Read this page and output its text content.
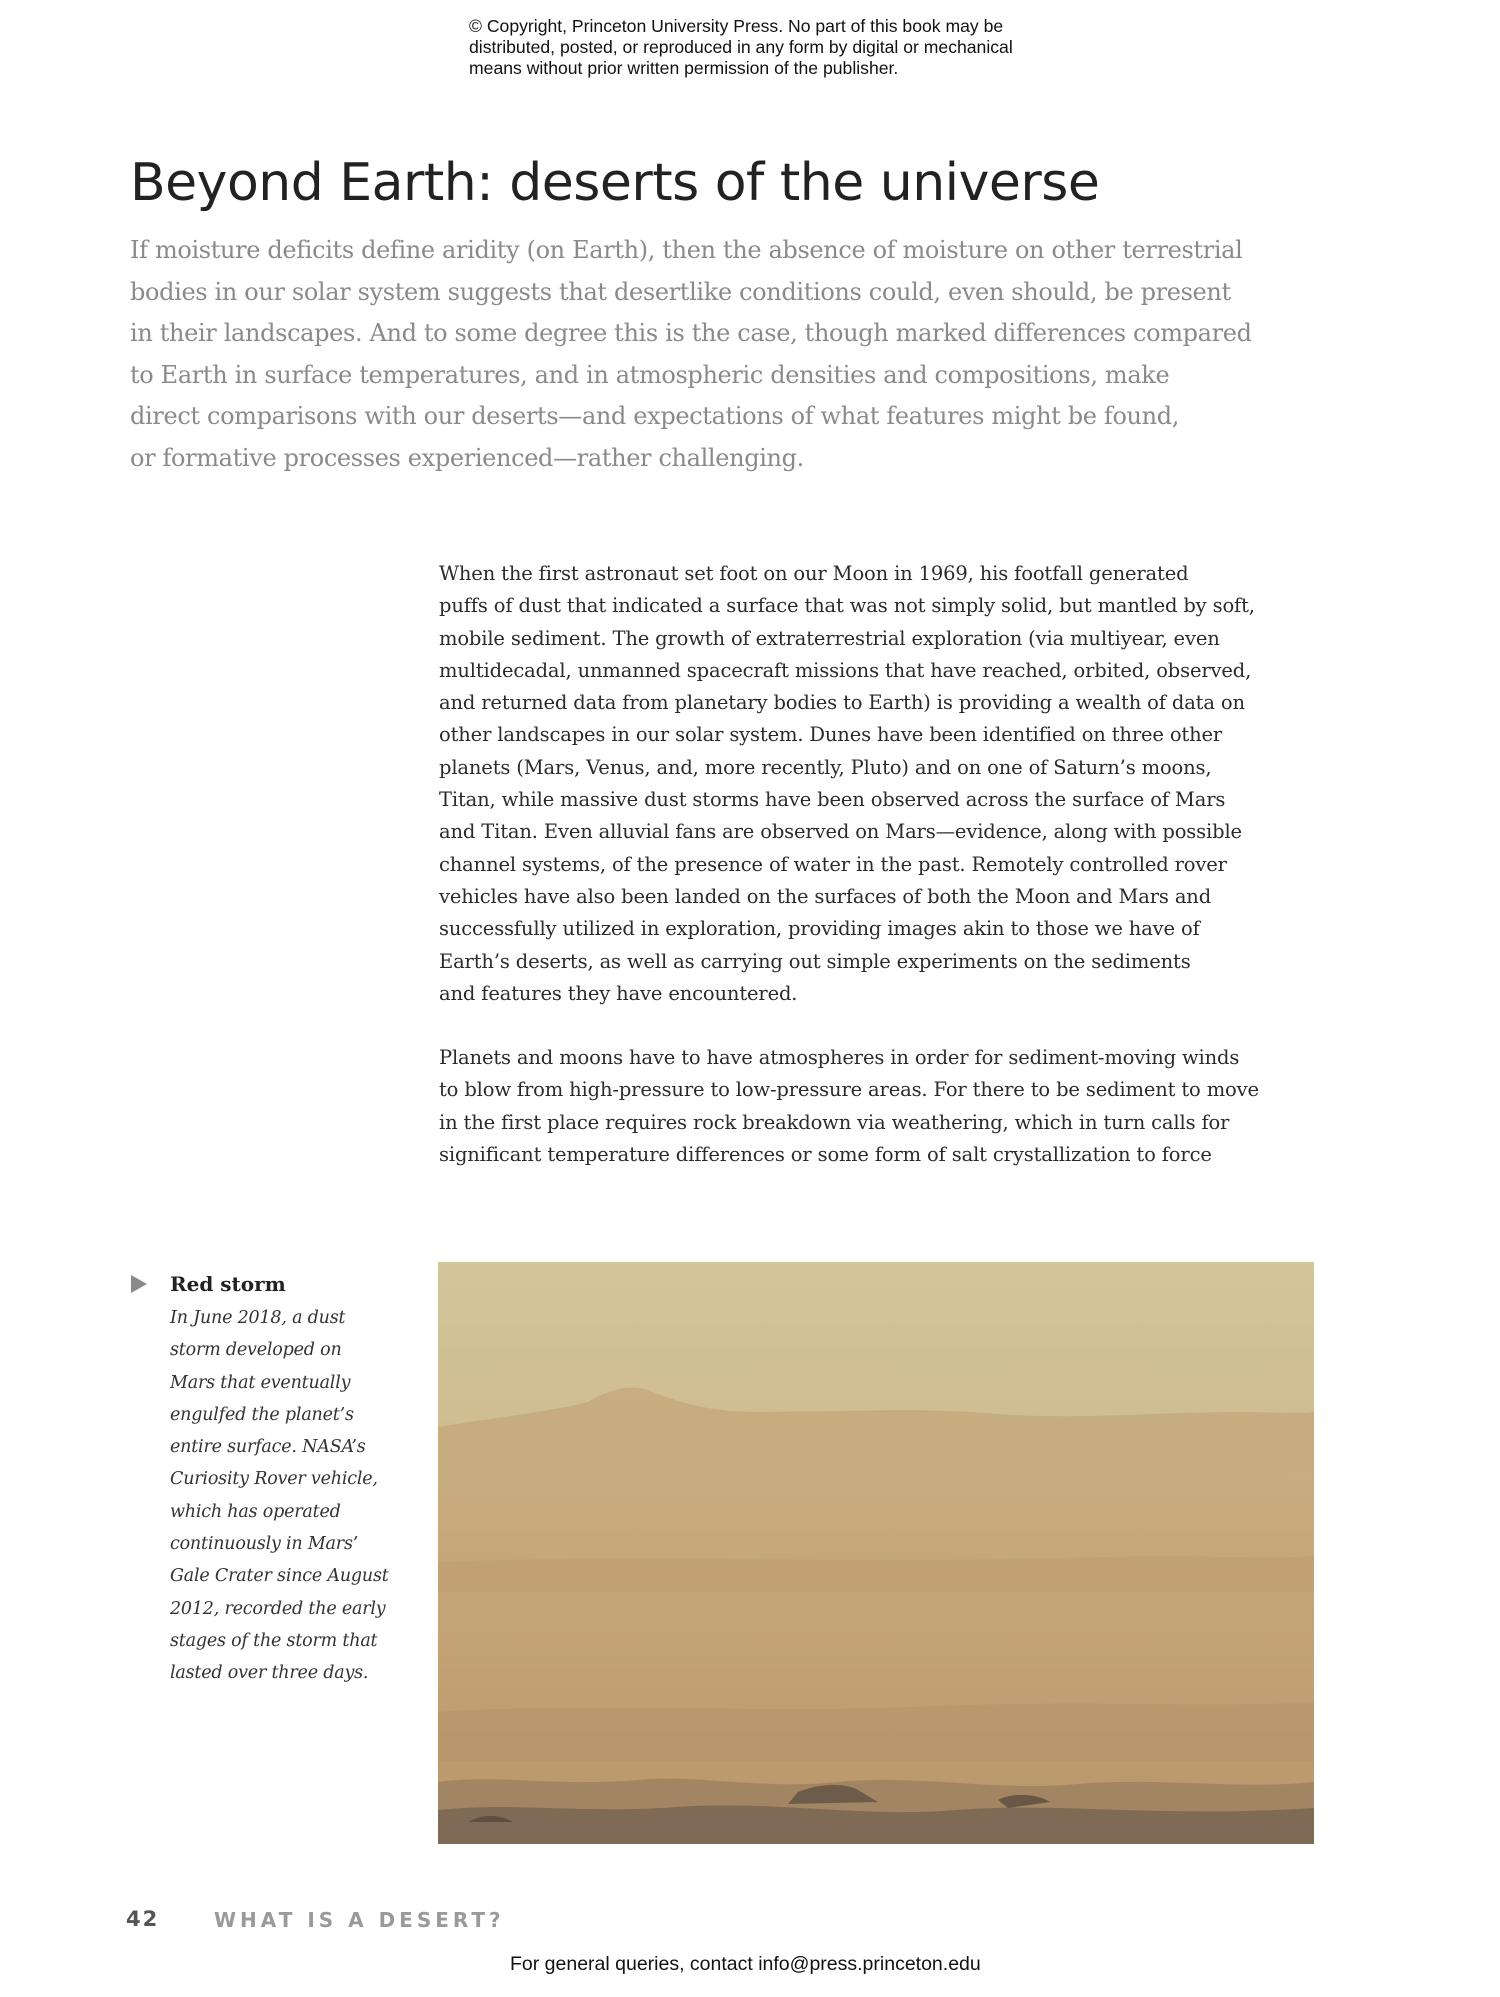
© Copyright, Princeton University Press. No part of this book may be
distributed, posted, or reproduced in any form by digital or mechanical
means without prior written permission of the publisher.
Beyond Earth: deserts of the universe
If moisture deficits define aridity (on Earth), then the absence of moisture on other terrestrial
bodies in our solar system suggests that desertlike conditions could, even should, be present
in their landscapes. And to some degree this is the case, though marked differences compared
to Earth in surface temperatures, and in atmospheric densities and compositions, make
direct comparisons with our deserts—and expectations of what features might be found,
or formative processes experienced—rather challenging.
When the first astronaut set foot on our Moon in 1969, his footfall generated
puffs of dust that indicated a surface that was not simply solid, but mantled by soft,
mobile sediment. The growth of extraterrestrial exploration (via multiyear, even
multidecadal, unmanned spacecraft missions that have reached, orbited, observed,
and returned data from planetary bodies to Earth) is providing a wealth of data on
other landscapes in our solar system. Dunes have been identified on three other
planets (Mars, Venus, and, more recently, Pluto) and on one of Saturn’s moons,
Titan, while massive dust storms have been observed across the surface of Mars
and Titan. Even alluvial fans are observed on Mars—evidence, along with possible
channel systems, of the presence of water in the past. Remotely controlled rover
vehicles have also been landed on the surfaces of both the Moon and Mars and
successfully utilized in exploration, providing images akin to those we have of
Earth’s deserts, as well as carrying out simple experiments on the sediments
and features they have encountered.
Planets and moons have to have atmospheres in order for sediment-moving winds
to blow from high-pressure to low-pressure areas. For there to be sediment to move
in the first place requires rock breakdown via weathering, which in turn calls for
significant temperature differences or some form of salt crystallization to force
Red storm
In June 2018, a dust
storm developed on
Mars that eventually
engulfed the planet’s
entire surface. NASA’s
Curiosity Rover vehicle,
which has operated
continuously in Mars’
Gale Crater since August
2012, recorded the early
stages of the storm that
lasted over three days.
42	WHAT IS A DESERT?
For general queries, contact info@press.princeton.edu
